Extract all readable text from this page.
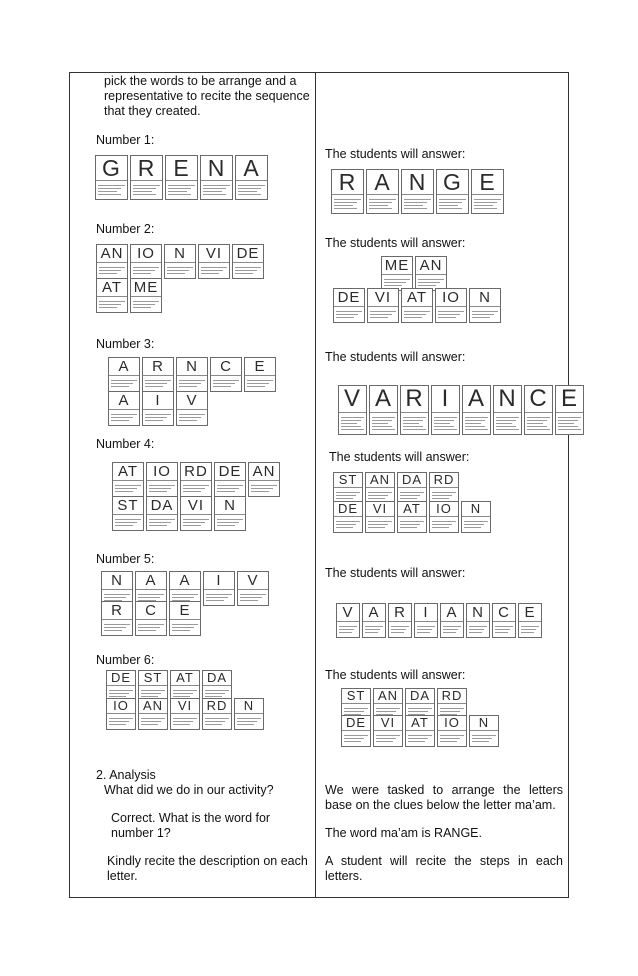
pick the words to be arrange and a
representative to recite the sequence
that they created.
Number 1:
G R E N A
Number 2:
AN IO	N	VI DE
AT ME
Number 3:
A	R	N	C	E
A	I	V
Number 4:
AT	IO RD DE AN
ST DA VI	N
Number 5:
N	A	A	I	V
R	C	E
Number 6:
DE ST	AT	DA
IO	AN	VI	RD	N
2. Analysis
What did we do in our activity?
Correct. What is the word for
number 1?
Kindly recite the description on each
letter.
The students will answer:
R A N G E
The students will answer:
ME AN
DE VI	AT	IO	N
The students will answer:
V A R I A N C E
The students will answer:
ST AN DA RD
DE	VI	AT	IO	N
The students will answer:
V A R	I	A N C E
The students will answer:
ST AN DA RD
DE	VI	AT	IO	N
We were tasked to arrange the letters base on the clues below the letter ma’am.
The word ma’am is RANGE.
A student will recite the steps in each letters.
